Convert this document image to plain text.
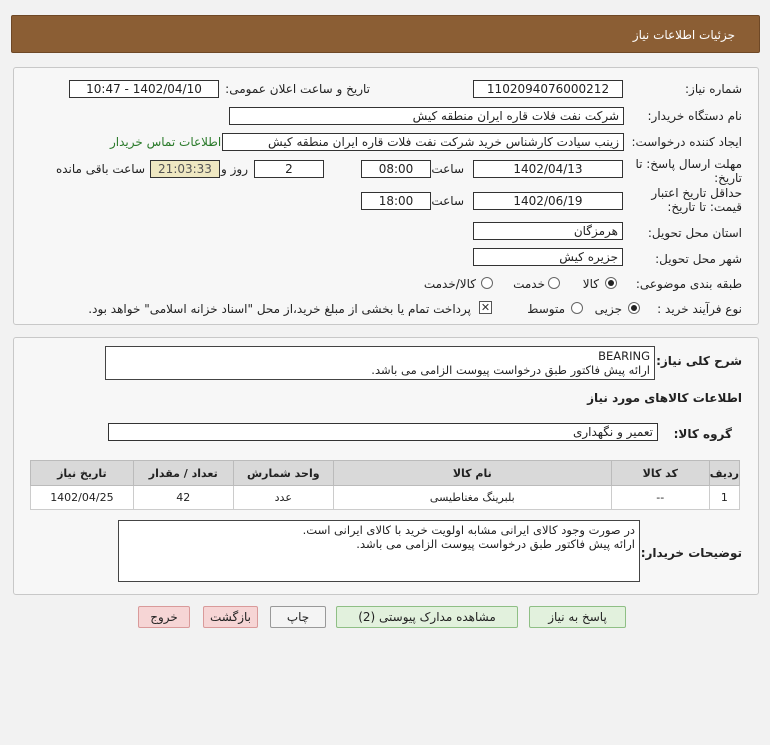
جزئیات اطلاعات نیاز
شماره نیاز:
1102094076000212
تاریخ و ساعت اعلان عمومی:
1402/04/10 - 10:47
نام دستگاه خریدار:
شرکت نفت فلات قاره ایران منطقه کیش
ایجاد کننده درخواست:
زینب سیادت کارشناس خرید شرکت نفت فلات قاره ایران منطقه کیش
اطلاعات تماس خریدار
مهلت ارسال پاسخ: تا تاریخ:
1402/04/13
ساعت
08:00
2
روز و
21:03:33
ساعت باقی مانده
حداقل تاریخ اعتبار قیمت: تا تاریخ:
1402/06/19
ساعت
18:00
استان محل تحویل:
هرمزگان
شهر محل تحویل:
جزیره کیش
طبقه بندی موضوعی:
کالا
خدمت
کالا/خدمت
نوع فرآیند خرید :
جزیی
متوسط
✕
پرداخت تمام یا بخشی از مبلغ خرید،از محل "اسناد خزانه اسلامی" خواهد بود.
شرح کلی نیاز:
BEARING
ارائه پیش فاکتور طبق درخواست پیوست الزامی می باشد.
اطلاعات کالاهای مورد نیاز
گروه کالا:
تعمیر و نگهداری
ردیف	کد کالا	نام کالا	واحد شمارش	تعداد / مقدار	تاریخ نیاز
1	--	بلبرینگ مغناطیسی	عدد	42	1402/04/25
توضیحات خریدار:
در صورت وجود کالای ایرانی مشابه اولویت خرید با کالای ایرانی است.
ارائه پیش فاکتور طبق درخواست پیوست الزامی می باشد.
پاسخ به نیاز
مشاهده مدارک پیوستی (2)
چاپ
بازگشت
خروج
